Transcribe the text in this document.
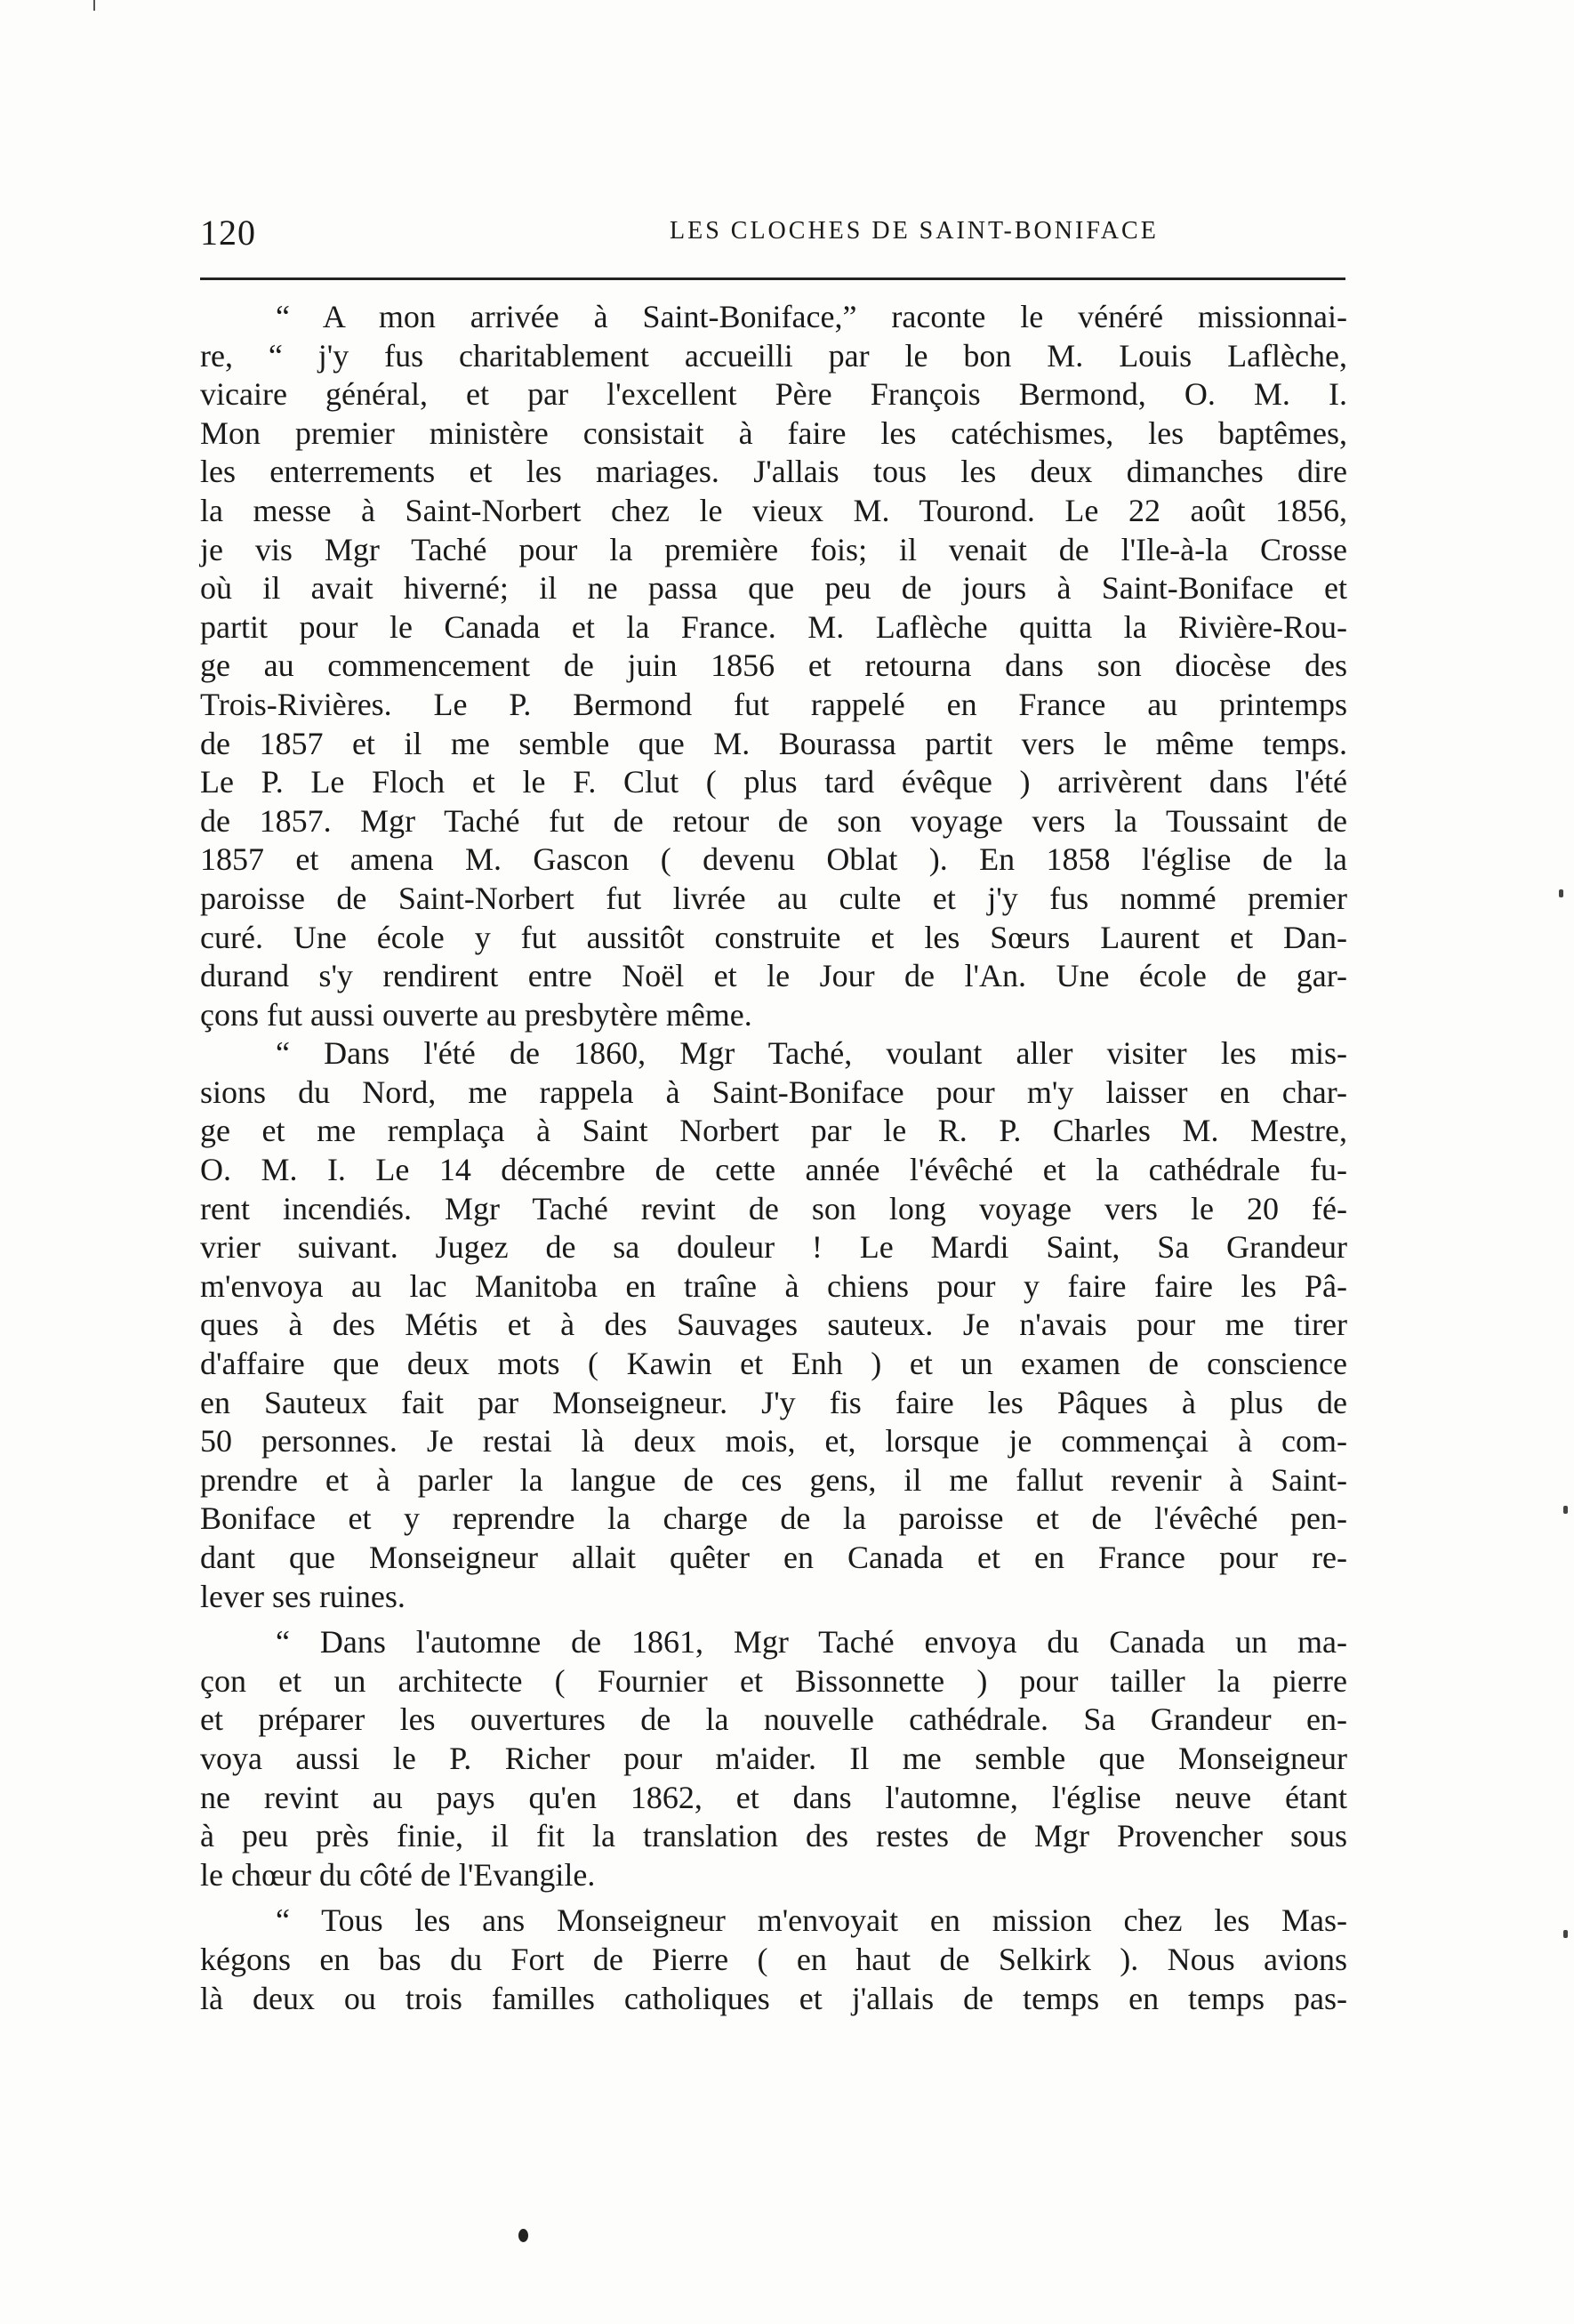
120	LES CLOCHES DE SAINT-BONIFACE
“ A mon arrivée à Saint-Boniface,” raconte le vénéré missionnai-
re, “ j'y fus charitablement accueilli par le bon M. Louis Laflèche,
vicaire général, et par l'excellent Père François Bermond, O. M. I.
Mon premier ministère consistait à faire les catéchismes, les baptêmes,
les enterrements et les mariages. J'allais tous les deux dimanches dire
la messe à Saint-Norbert chez le vieux M. Tourond. Le 22 août 1856,
je vis Mgr Taché pour la première fois; il venait de l'Ile-à-la Crosse
où il avait hiverné; il ne passa que peu de jours à Saint-Boniface et
partit pour le Canada et la France. M. Laflèche quitta la Rivière-Rou-
ge au commencement de juin 1856 et retourna dans son diocèse des
Trois-Rivières. Le P. Bermond fut rappelé en France au printemps
de 1857 et il me semble que M. Bourassa partit vers le même temps.
Le P. Le Floch et le F. Clut ( plus tard évêque ) arrivèrent dans l'été
de 1857. Mgr Taché fut de retour de son voyage vers la Toussaint de
1857 et amena M. Gascon ( devenu Oblat ). En 1858 l'église de la
paroisse de Saint-Norbert fut livrée au culte et j'y fus nommé premier
curé. Une école y fut aussitôt construite et les Sœurs Laurent et Dan-
durand s'y rendirent entre Noël et le Jour de l'An. Une école de gar-
çons fut aussi ouverte au presbytère même.
“ Dans l'été de 1860, Mgr Taché, voulant aller visiter les mis-
sions du Nord, me rappela à Saint-Boniface pour m'y laisser en char-
ge et me remplaça à Saint Norbert par le R. P. Charles M. Mestre,
O. M. I. Le 14 décembre de cette année l'évêché et la cathédrale fu-
rent incendiés. Mgr Taché revint de son long voyage vers le 20 fé-
vrier suivant. Jugez de sa douleur ! Le Mardi Saint, Sa Grandeur
m'envoya au lac Manitoba en traîne à chiens pour y faire faire les Pâ-
ques à des Métis et à des Sauvages sauteux. Je n'avais pour me tirer
d'affaire que deux mots ( Kawin et Enh ) et un examen de conscience
en Sauteux fait par Monseigneur. J'y fis faire les Pâques à plus de
50 personnes. Je restai là deux mois, et, lorsque je commençai à com-
prendre et à parler la langue de ces gens, il me fallut revenir à Saint-
Boniface et y reprendre la charge de la paroisse et de l'évêché pen-
dant que Monseigneur allait quêter en Canada et en France pour re-
lever ses ruines.
“ Dans l'automne de 1861, Mgr Taché envoya du Canada un ma-
çon et un architecte ( Fournier et Bissonnette ) pour tailler la pierre
et préparer les ouvertures de la nouvelle cathédrale. Sa Grandeur en-
voya aussi le P. Richer pour m'aider. Il me semble que Monseigneur
ne revint au pays qu'en 1862, et dans l'automne, l'église neuve étant
à peu près finie, il fit la translation des restes de Mgr Provencher sous
le chœur du côté de l'Evangile.
“ Tous les ans Monseigneur m'envoyait en mission chez les Mas-
kégons en bas du Fort de Pierre ( en haut de Selkirk ). Nous avions
là deux ou trois familles catholiques et j'allais de temps en temps pas-
